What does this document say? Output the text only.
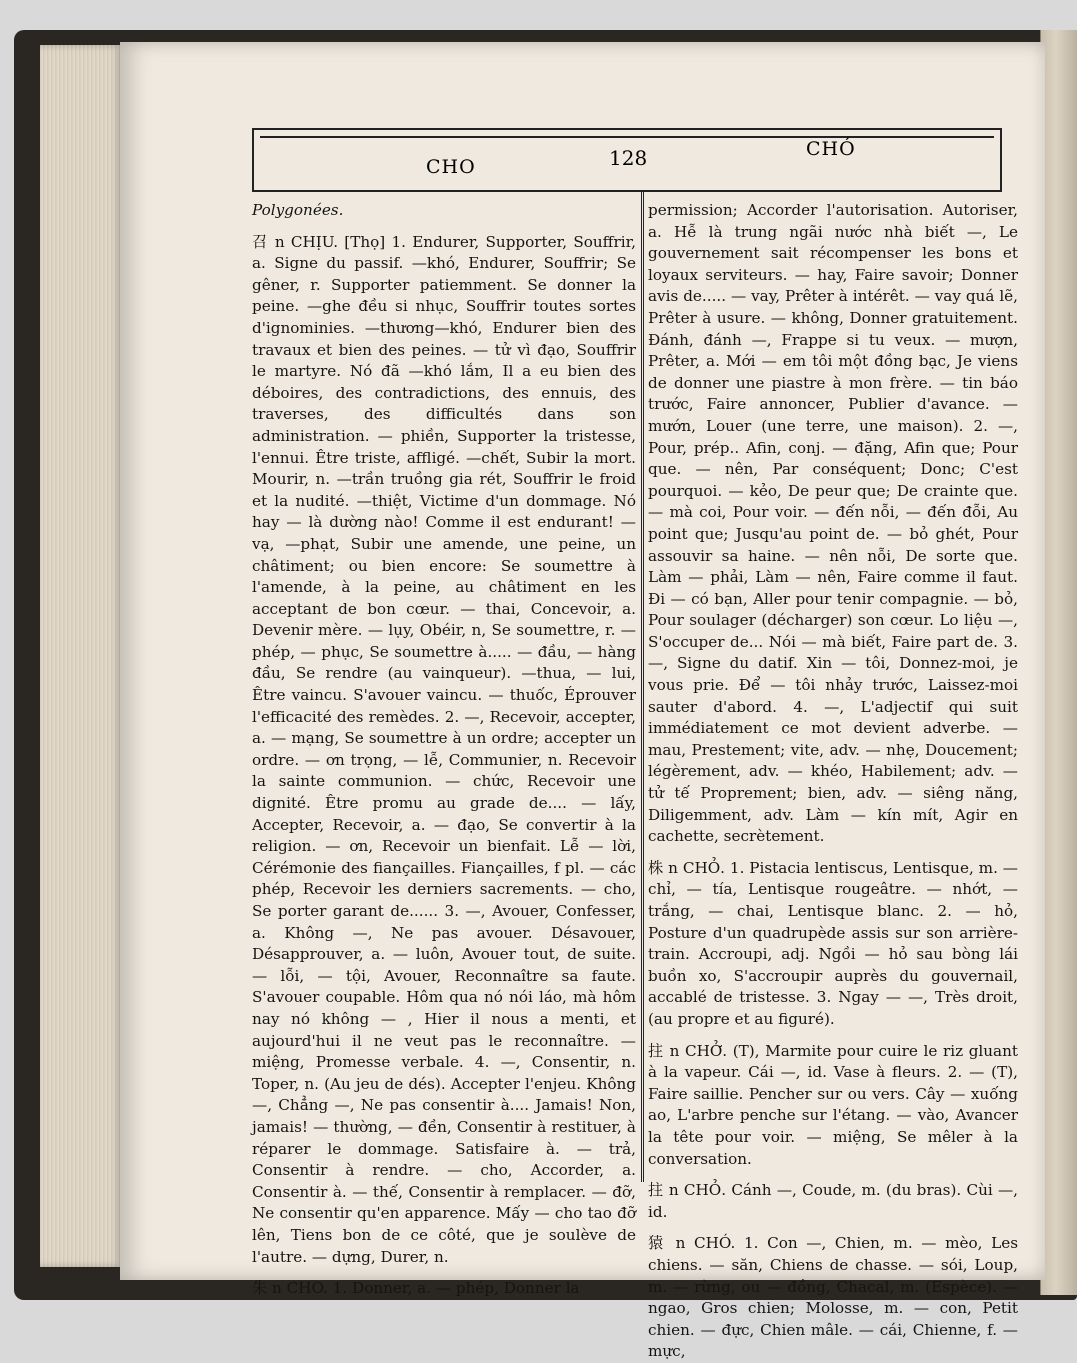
CHO	128	CHÓ

Polygonées.

召 n CHỊU. [Thọ] 1. Endurer, Supporter, Souffrir, a. Signe du passif. —khó, Endurer, Souffrir; Se gêner, r. Supporter patiemment. Se donner la peine. —ghe đều si nhục, Souffrir toutes sortes d'ignominies. —thương—khó, Endurer bien des travaux et bien des peines. — tử vì đạo, Souffrir le martyre. Nó đã —khó lắm, Il a eu bien des déboires, des contradictions, des ennuis, des traverses, des difficultés dans son administration. — phiền, Supporter la tristesse, l'ennui. Être triste, affligé. —chết, Subir la mort. Mourir, n. —trần truồng gia rét, Souffrir le froid et la nudité. —thiệt, Victime d'un dommage. Nó hay — là dường nào! Comme il est endurant! —vạ, —phạt, Subir une amende, une peine, un châtiment; ou bien encore: Se soumettre à l'amende, à la peine, au châtiment en les acceptant de bon cœur. — thai, Concevoir, a. Devenir mère. — lụy, Obéir, n, Se soumettre, r. — phép, — phục, Se soumettre à..... — đầu, — hàng đầu, Se rendre (au vainqueur). —thua, — lui, Être vaincu. S'avouer vaincu. — thuốc, Éprouver l'efficacité des remèdes. 2. —, Recevoir, accepter, a. — mạng, Se soumettre à un ordre; accepter un ordre. — ơn trọng, — lễ, Communier, n. Recevoir la sainte communion. — chức, Recevoir une dignité. Être promu au grade de.... — lấy, Accepter, Recevoir, a. — đạo, Se convertir à la religion. — ơn, Recevoir un bienfait. Lễ — lời, Cérémonie des fiançailles. Fiançailles, f pl. — các phép, Recevoir les derniers sacrements. — cho, Se porter garant de...... 3. —, Avouer, Confesser, a. Không —, Ne pas avouer. Désavouer, Désapprouver, a. — luôn, Avouer tout, de suite. — lỗi, — tội, Avouer, Reconnaître sa faute. S'avouer coupable. Hôm qua nó nói láo, mà hôm nay nó không — , Hier il nous a menti, et aujourd'hui il ne veut pas le reconnaître. — miệng, Promesse verbale. 4. —, Consentir, n. Toper, n. (Au jeu de dés). Accepter l'enjeu. Không —, Chẳng —, Ne pas consentir à.... Jamais! Non, jamais! — thường, — đền, Consentir à restituer, à réparer le dommage. Satisfaire à. — trả, Consentir à rendre. — cho, Accorder, a. Consentir à. — thế, Consentir à remplacer. — đỡ, Ne consentir qu'en apparence. Mấy — cho tao đỡ lên, Tiens bon de ce côté, que je soulève de l'autre. — dựng, Durer, n.

朱 n CHO. 1. Donner, a. — phép, Donner la

permission; Accorder l'autorisation. Autoriser, a. Hễ là trung ngãi nước nhà biết —, Le gouvernement sait récompenser les bons et loyaux serviteurs. — hay, Faire savoir; Donner avis de..... — vay, Prêter à intérêt. — vay quá lẽ, Prêter à usure. — không, Donner gratuitement. Đánh, đánh —, Frappe si tu veux. — mượn, Prêter, a. Mới — em tôi một đồng bạc, Je viens de donner une piastre à mon frère. — tin báo trước, Faire annoncer, Publier d'avance. — mướn, Louer (une terre, une maison). 2. —, Pour, prép.. Afin, conj. — đặng, Afin que; Pour que. — nên, Par conséquent; Donc; C'est pourquoi. — kẻo, De peur que; De crainte que. — mà coi, Pour voir. — đến nỗi, — đến đỗi, Au point que; Jusqu'au point de. — bỏ ghét, Pour assouvir sa haine. — nên nỗi, De sorte que. Làm — phải, Làm — nên, Faire comme il faut. Đi — có bạn, Aller pour tenir compagnie. — bỏ, Pour soulager (décharger) son cœur. Lo liệu —, S'occuper de... Nói — mà biết, Faire part de. 3. —, Signe du datif. Xin — tôi, Donnez-moi, je vous prie. Để — tôi nhảy trước, Laissez-moi sauter d'abord. 4. —, L'adjectif qui suit immédiatement ce mot devient adverbe. — mau, Prestement; vite, adv. — nhẹ, Doucement; légèrement, adv. — khéo, Habilement; adv. — tử tế Proprement; bien, adv. — siêng năng, Diligemment, adv. Làm — kín mít, Agir en cachette, secrètement.

株 n CHỎ. 1. Pistacia lentiscus, Lentisque, m. — chỉ, — tía, Lentisque rougeâtre. — nhớt, — trắng, — chai, Lentisque blanc. 2. — hỏ, Posture d'un quadrupède assis sur son arrière-train. Accroupi, adj. Ngồi — hỏ sau bòng lái buồn xo, S'accroupir auprès du gouvernail, accablé de tristesse. 3. Ngay — —, Très droit, (au propre et au figuré).

拄 n CHỞ. (T), Marmite pour cuire le riz gluant à la vapeur. Cái —, id. Vase à fleurs. 2. — (T), Faire saillie. Pencher sur ou vers. Cây — xuống ao, L'arbre penche sur l'étang. — vào, Avancer la tête pour voir. — miệng, Se mêler à la conversation.

拄 n CHỎ. Cánh —, Coude, m. (du bras). Cùi —, id.

猿 n CHÓ. 1. Con —, Chien, m. — mèo, Les chiens. — săn, Chiens de chasse. — sói, Loup, m. — rừng, ou — đồng, Chacal, m. (Espèce). — ngao, Gros chien; Molosse, m. — con, Petit chien. — đực, Chien mâle. — cái, Chienne, f. — mực,
